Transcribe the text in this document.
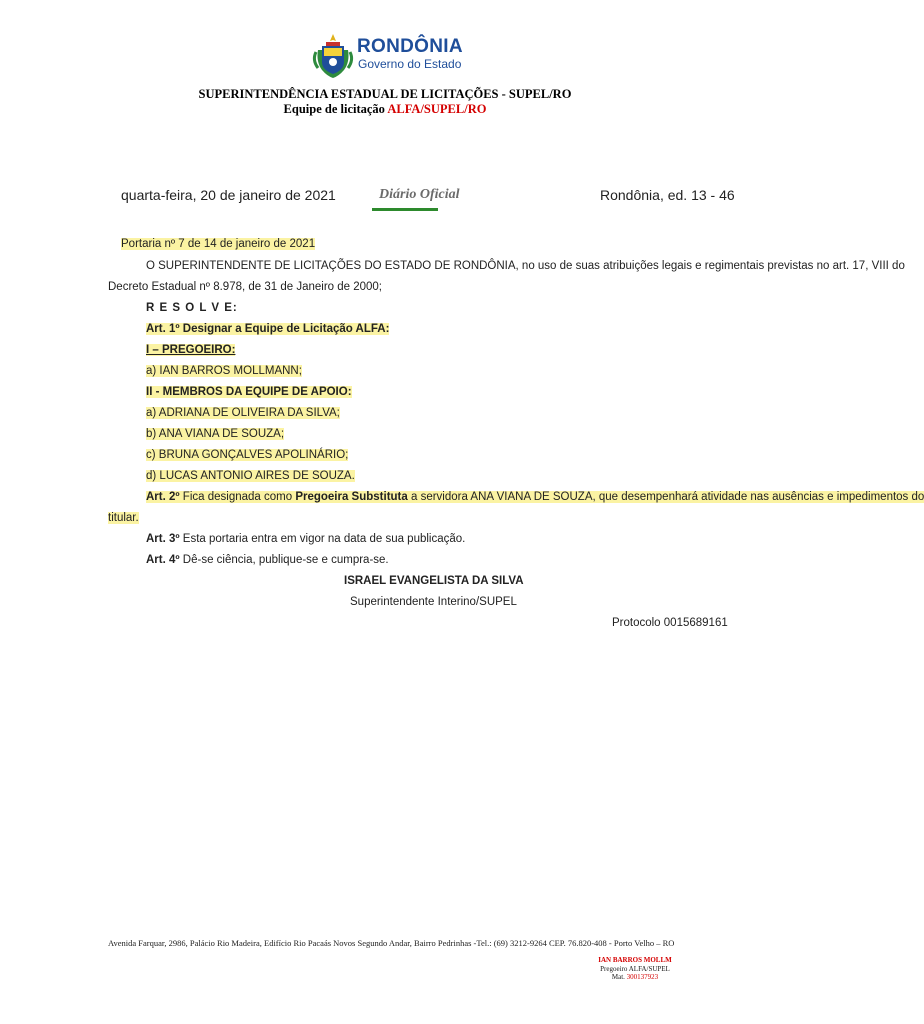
RONDÔNIA
Governo do Estado
SUPERINTENDÊNCIA ESTADUAL DE LICITAÇÕES - SUPEL/RO
Equipe de licitação ALFA/SUPEL/RO
quarta-feira, 20 de janeiro de 2021	Diário Oficial	Rondônia, ed. 13 - 46
Portaria nº 7 de 14 de janeiro de 2021
O SUPERINTENDENTE DE LICITAÇÕES DO ESTADO DE RONDÔNIA, no uso de suas atribuições legais e regimentais previstas no art. 17, VIII do
Decreto Estadual nº 8.978, de 31 de Janeiro de 2000;
R E S O L V E:
Art. 1º Designar a Equipe de Licitação ALFA:
I – PREGOEIRO:
a) IAN BARROS MOLLMANN;
II - MEMBROS DA EQUIPE DE APOIO:
a) ADRIANA DE OLIVEIRA DA SILVA;
b) ANA VIANA DE SOUZA;
c) BRUNA GONÇALVES APOLINÁRIO;
d) LUCAS ANTONIO AIRES DE SOUZA.
Art. 2º Fica designada como Pregoeira Substituta a servidora ANA VIANA DE SOUZA, que desempenhará atividade nas ausências e impedimentos do
titular.
Art. 3º Esta portaria entra em vigor na data de sua publicação.
Art. 4º Dê-se ciência, publique-se e cumpra-se.
ISRAEL EVANGELISTA DA SILVA
Superintendente Interino/SUPEL
Protocolo 0015689161
Avenida Farquar, 2986, Palácio Rio Madeira, Edifício Rio Pacaás Novos Segundo Andar, Bairro Pedrinhas -Tel.: (69) 3212-9264 CEP. 76.820-408 - Porto Velho – RO
IAN BARROS MOLLM
Pregoeiro ALFA/SUPEL
Mat. 300137923
